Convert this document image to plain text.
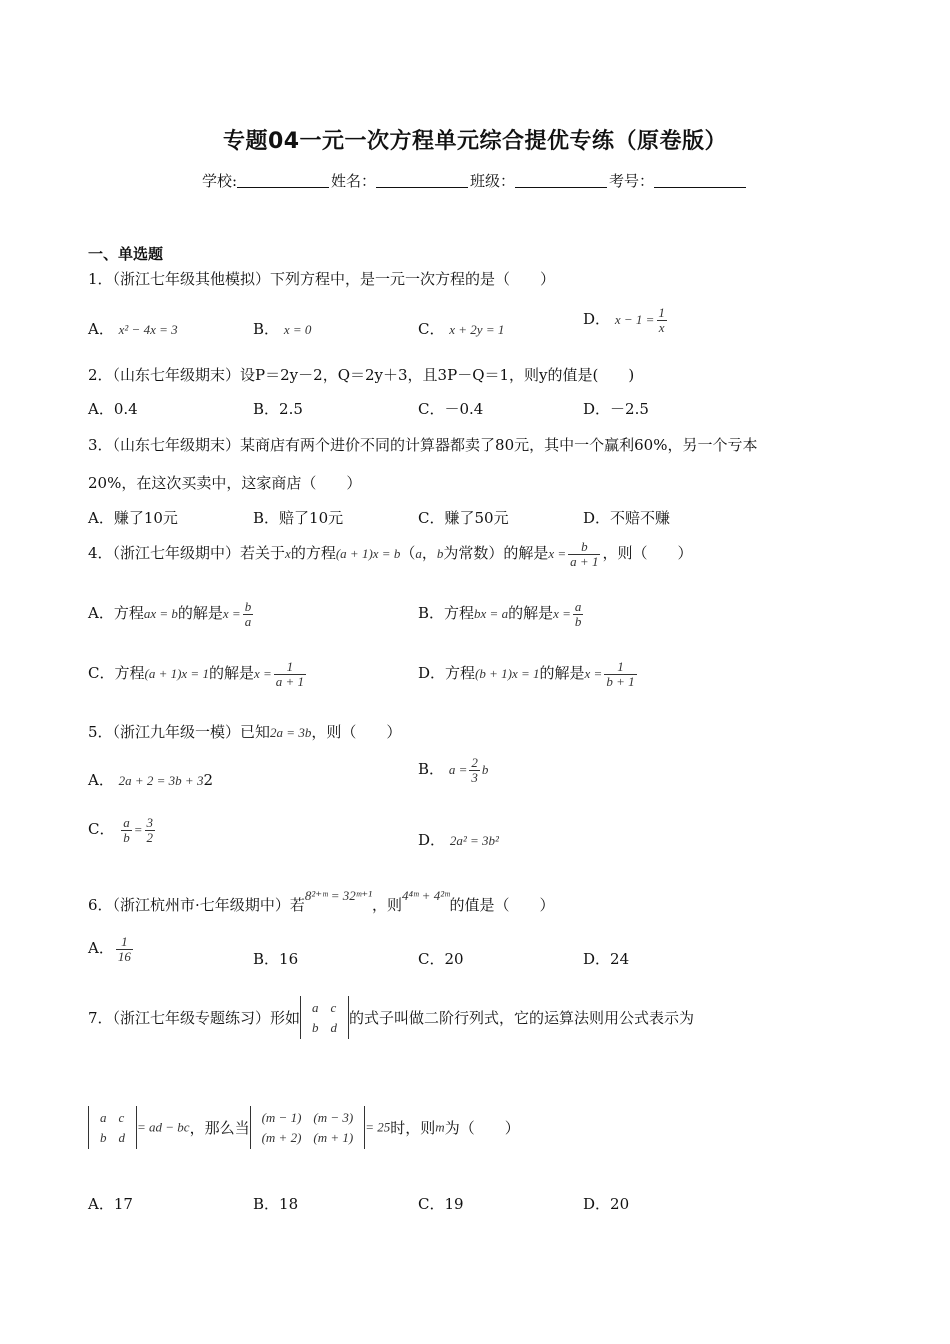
专题04一元一次方程单元综合提优专练（原卷版）
学校:	姓名：	班级：	考号：
一、单选题
1．（浙江七年级其他模拟）下列方程中，是一元一次方程的是（　　）
A． x² − 4x = 3	B． x = 0	C． x + 2y = 1
D． $x - 1 = \frac{1}{x}$
2．（山东七年级期末）设P＝2y－2，Q＝2y＋3，且3P－Q＝1，则y的值是(　　)
A．0.4	B．2.5	C．－0.4	D．－2.5
3．（山东七年级期末）某商店有两个进价不同的计算器都卖了80元，其中一个赢利60%，另一个亏本
20%，在这次买卖中，这家商店（　　）
A．赚了10元	B．赔了10元	C．赚了50元	D．不赔不赚
4．（浙江七年级期中）若关于x的方程(a + 1)x = b（a，b为常数）的解是$x = \frac{b}{a + 1}$ ，则（　　）
A．方程ax = b的解是$x = \frac{b}{a}$	B．方程bx = a的解是$x = \frac{a}{b}$
C．方程(a + 1)x = 1的解是$x = \frac{1}{a + 1}$	D．方程(b + 1)x = 1的解是$x = \frac{1}{b + 1}$
5．（浙江九年级一模）已知2a = 3b，则（　　）
A． 2a + 2 = 3b + 32
B． $a = \frac{2}{3}$ b
C． $\frac{a}{b} = \frac{3}{2}$	D． 2a² = 3b²
6．（浙江杭州市·七年级期中）若8²⁺ᵐ = 32ᵐ⁺¹，则4⁴ᵐ + 4²ᵐ的值是（　　）
A． $\frac{1}{16}$	B．16	C．20	D．24
7．（浙江七年级专题练习）形如
a	c
b	d 的式子叫做二阶行列式，它的运算法则用公式表示为
a	c
b	d
= ad − bc，那么当
(m − 1)	(m − 3)
(m + 2)	(m + 1)
= 25时，则m为（　　）
A．17	B．18	C．19	D．20
